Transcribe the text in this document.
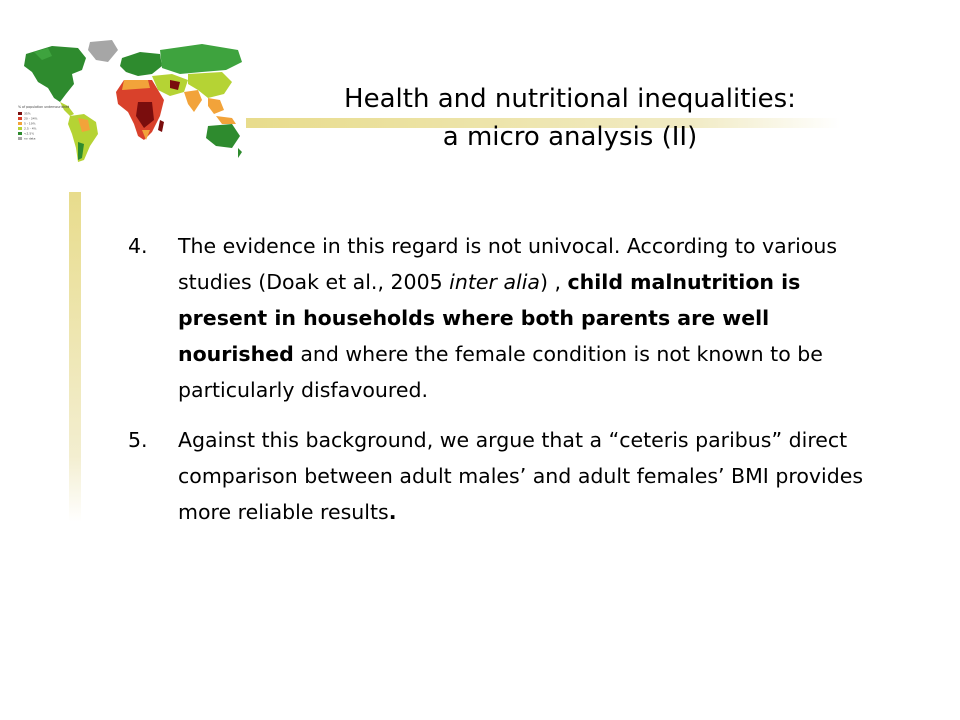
% of population undernourished
35%
20 - 34%
5 - 19%
2.5 - 4%
<2.5%
no data
Health and nutritional inequalities:
a micro analysis (II)
4.	The evidence in this regard is not univocal. According to various studies (Doak et al., 2005 inter alia) , child malnutrition is present in households where both parents are well nourished and where the female condition is not known to be particularly disfavoured.
5.	Against this background, we argue that a “ceteris paribus” direct comparison between adult males’ and adult females’ BMI provides more reliable results.
